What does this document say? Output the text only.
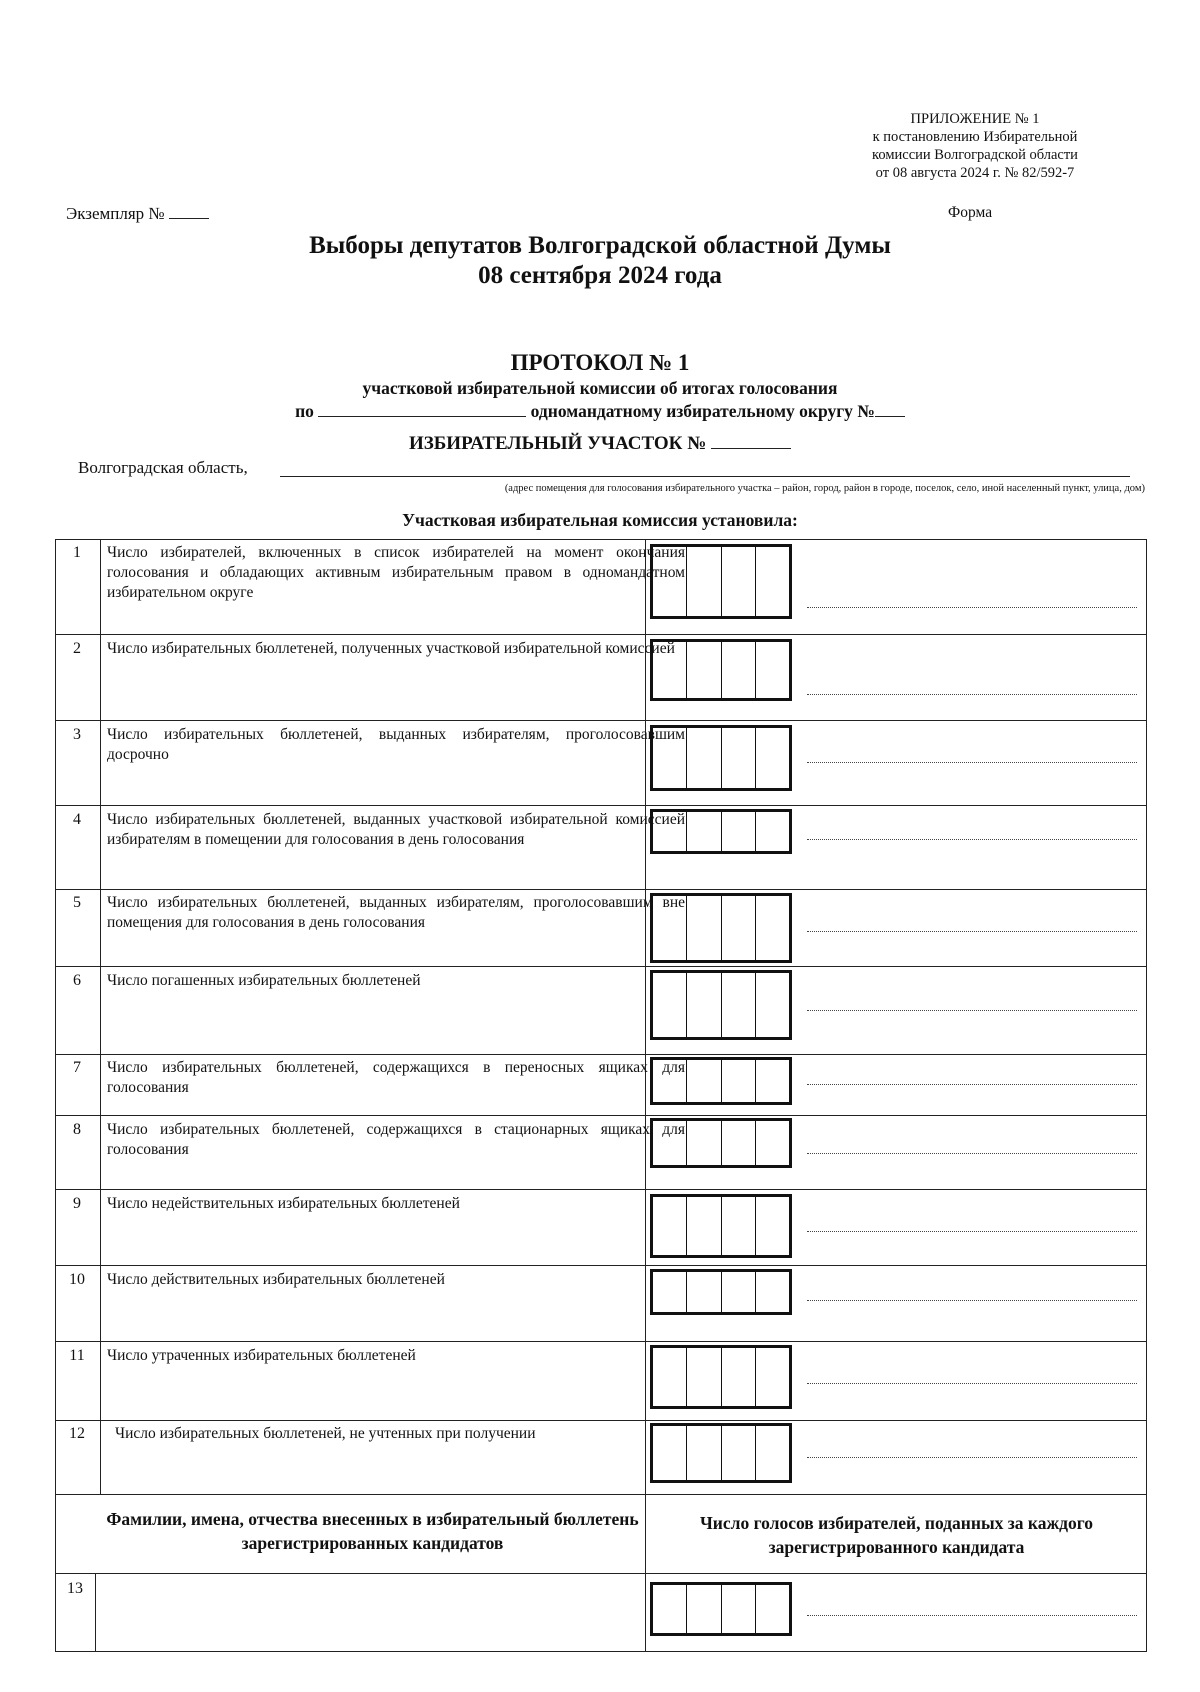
ПРИЛОЖЕНИЕ № 1
к постановлению Избирательной
комиссии Волгоградской области
от 08 августа 2024 г. № 82/592-7
Экземпляр №	Форма
Выборы депутатов Волгоградской областной Думы
08 сентября 2024 года
ПРОТОКОЛ № 1
участковой избирательной комиссии об итогах голосования
по	одномандатному избирательному округу №
ИЗБИРАТЕЛЬНЫЙ УЧАСТОК №
Волгоградская область,
(адрес помещения для голосования избирательного участка – район, город, район в городе, поселок, село, иной населенный пункт, улица, дом)
Участковая избирательная комиссия установила:
1	Число избирателей, включенных в список избирателей на момент окончания голосования и обладающих активным избирательным правом в одномандатном избирательном округе
2	Число избирательных бюллетеней, полученных участковой избирательной комиссией
3	Число избирательных бюллетеней, выданных избирателям, проголосовавшим досрочно
4	Число избирательных бюллетеней, выданных участковой избирательной комиссией избирателям в помещении для голосования в день голосования
5	Число избирательных бюллетеней, выданных избирателям, проголосовавшим вне помещения для голосования в день голосования
6	Число погашенных избирательных бюллетеней
7	Число избирательных бюллетеней, содержащихся в переносных ящиках для голосования
8	Число избирательных бюллетеней, содержащихся в стационарных ящиках для голосования
9	Число недействительных избирательных бюллетеней
10	Число действительных избирательных бюллетеней
11	Число утраченных избирательных бюллетеней
12	Число избирательных бюллетеней, не учтенных при получении
Фамилии, имена, отчества внесенных в избирательный бюллетень зарегистрированных кандидатов
Число голосов избирателей, поданных за каждого зарегистрированного кандидата
13
